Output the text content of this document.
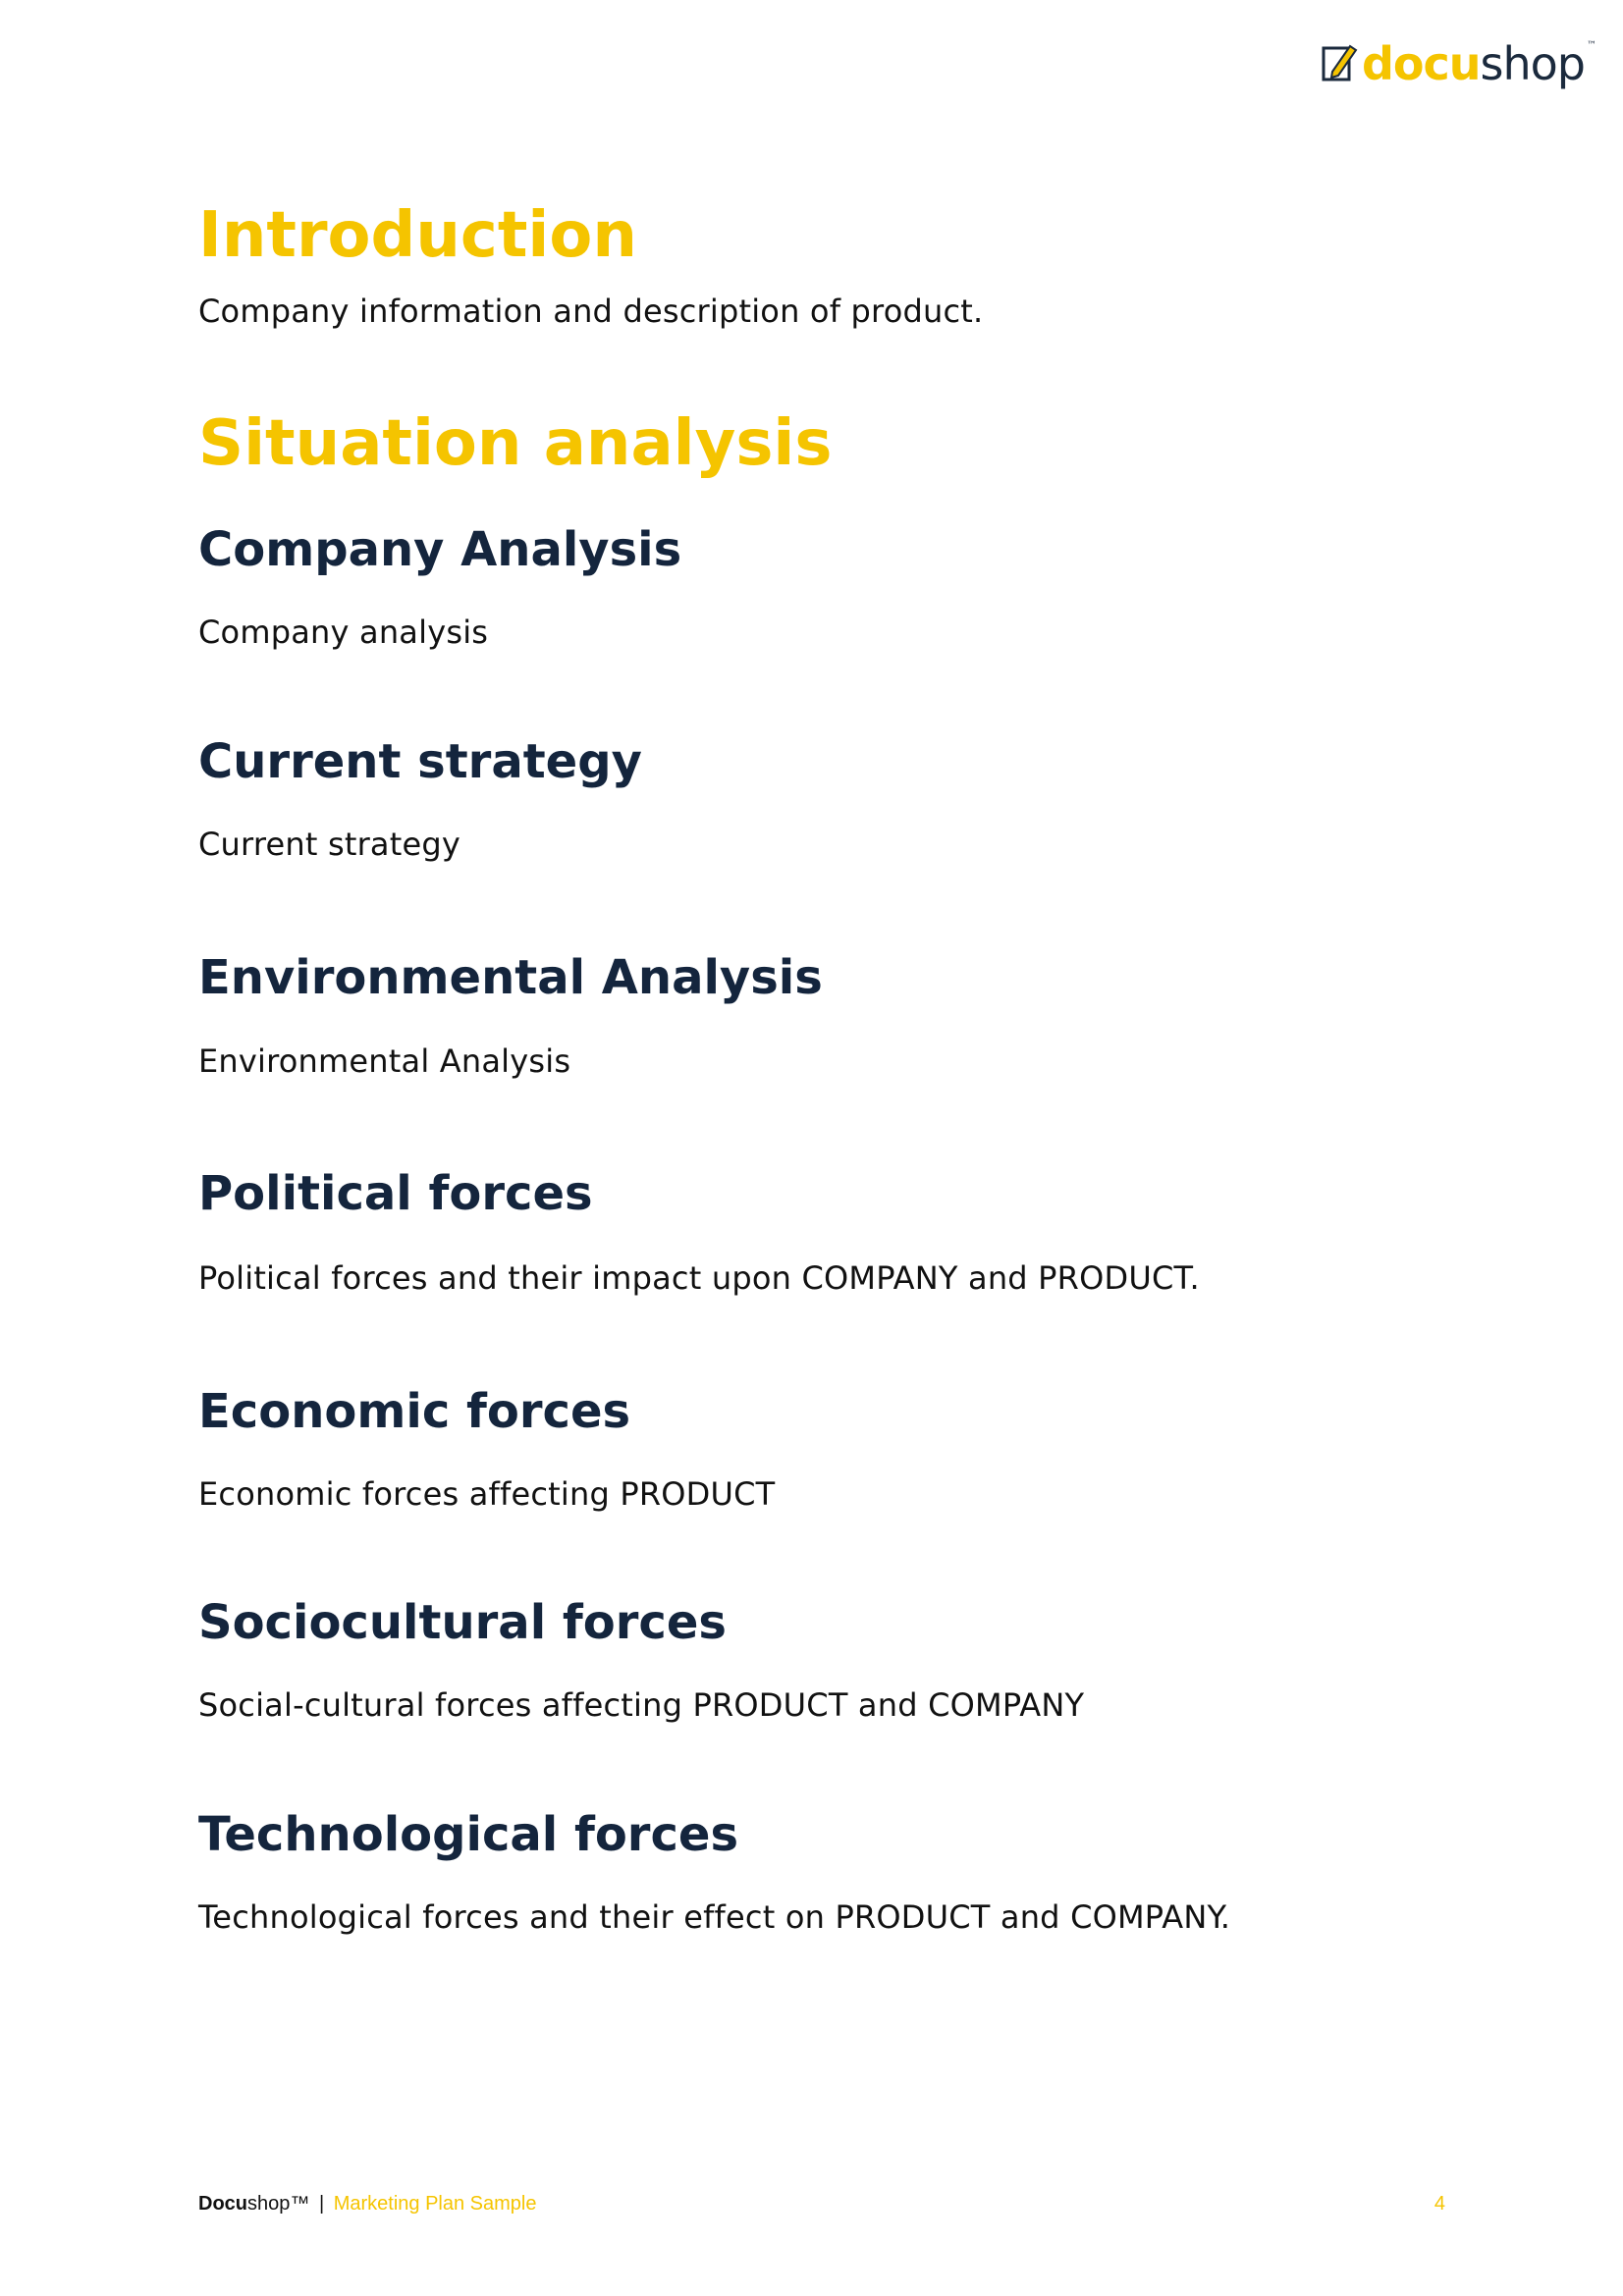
docushop ™
Introduction

Company information and description of product.

Situation analysis
Company Analysis

Company analysis

Current strategy

Current strategy

Environmental Analysis

Environmental Analysis

Political forces

Political forces and their impact upon COMPANY and PRODUCT.

Economic forces

Economic forces affecting PRODUCT

Sociocultural forces

Social-cultural forces affecting PRODUCT and COMPANY

Technological forces

Technological forces and their effect on PRODUCT and COMPANY.

Docushop™ | Marketing Plan Sample	4
